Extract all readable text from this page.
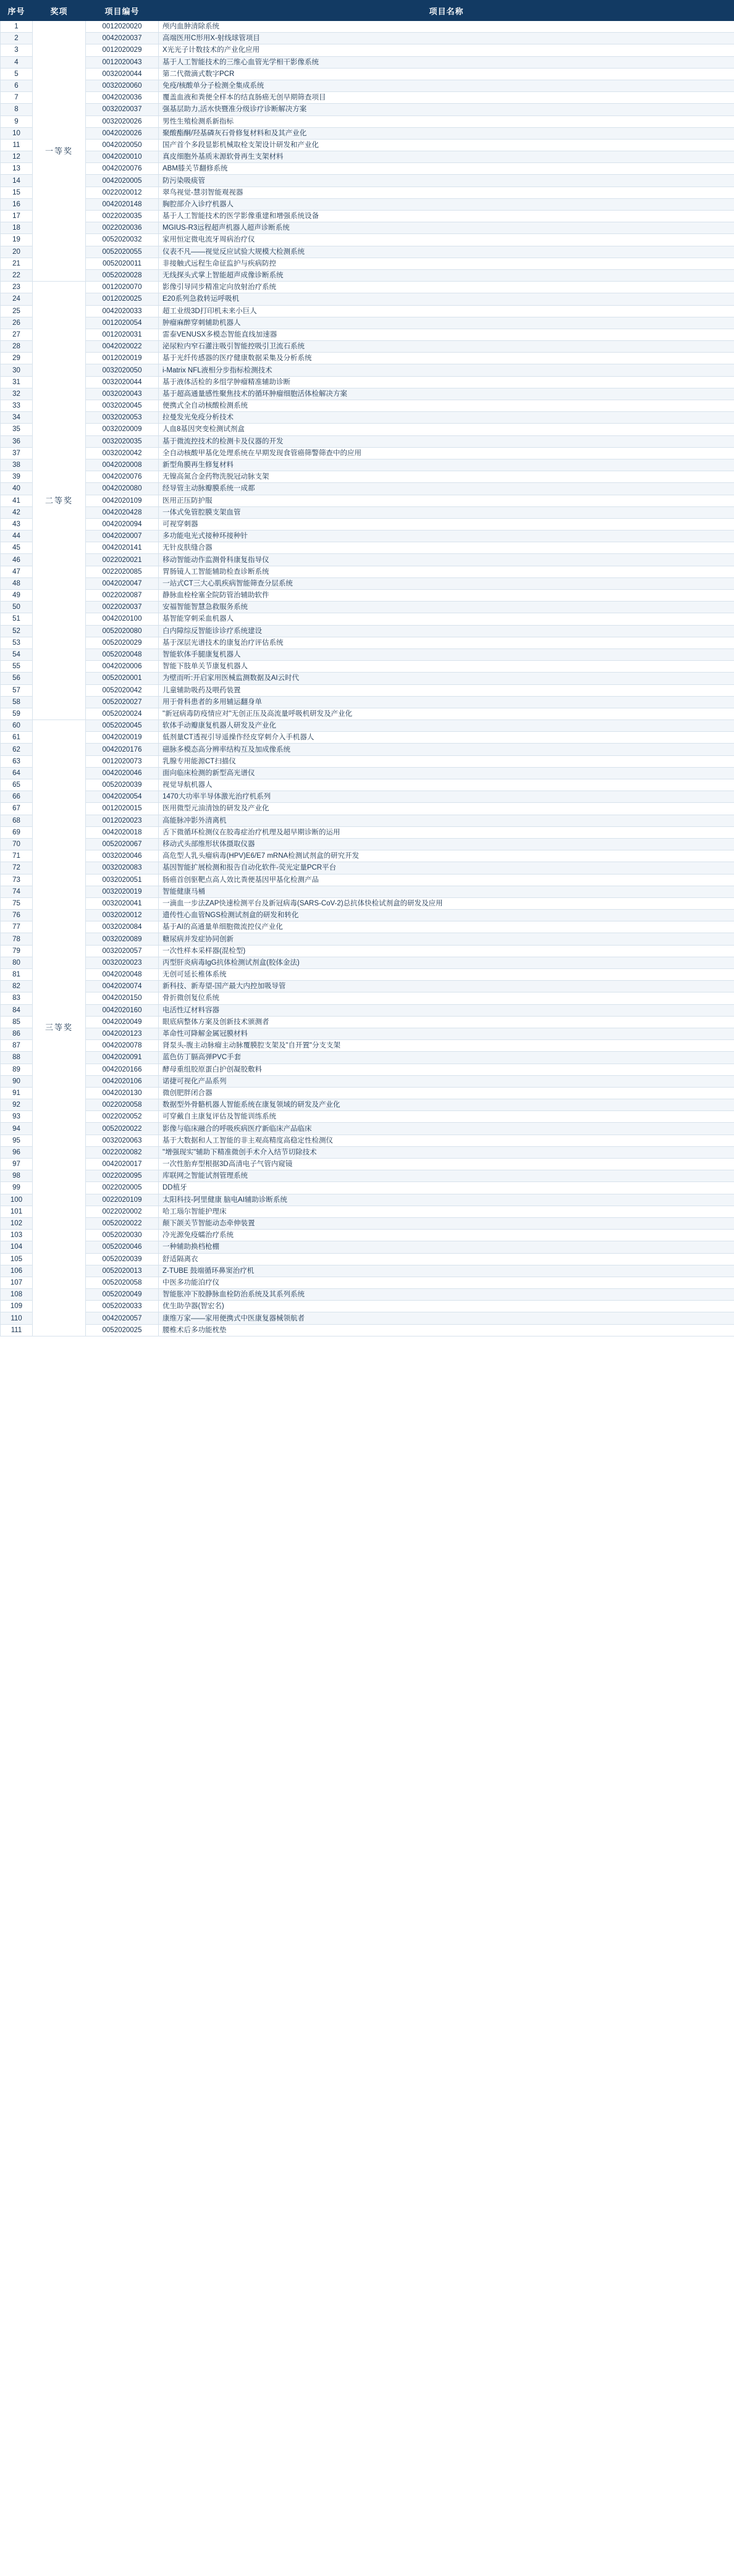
序号	奖项	项目编号	项目名称
1	一等奖	0012020020	颅内血肿清除系统
2		0042020037	高端医用C形用X-射线球管项目
3		0012020029	X光光子计数技术的产业化应用
4		0012020043	基于人工智能技术的三维心血管光学相干影像系统
5		0032020044	第二代微滴式数字PCR
6		0032020060	免疫/核酸单分子检测全集成系统
7		0042020036	覆盖血液和粪便全样本的结直肠癌无创早期筛查项目
8		0032020037	强基层助力,活水快暨准分级诊疗诊断解决方案
9		0032020026	男性生殖检测系新指标
10		0042020026	聚酸酯酮/羟基磷灰石骨修复材料和及其产业化
11		0042020050	国产首个多段显影机械取栓支架设计研发和产业化
12		0042020010	真皮细胞外基质末源软骨再生支架材料
13		0042020076	ABM膝关节翻修系统
14		0042020005	防污染吸痰管
15		0022020012	翠鸟视觉-慧羽智能观视器
16		0042020148	胸腔部介入诊疗机器人
17		0022020035	基于人工智能技术的医学影像重建和增强系统设备
18		0022020036	MGIUS-R3远程超声机器人超声诊断系统
19		0052020032	家用恒定微电流牙周病治疗仪
20		0052020055	仪表不凡——视觉反应试验大规模大检测系统
21		0052020011	非接触式远程生命征监护与疾病防控
22		0052020028	无线探头式掌上智能超声成像诊断系统
23	二等奖	0012020070	影像引导同步精准定向放射治疗系统
24		0012020025	E20系列急救转运呼吸机
25		0042020033	超工业级3D打印机未来小巨人
26		0012020054	肿瘤麻醉穿刺辅助机器人
27		0012020031	雷泰VENUSX多模态智能直线加速器
28		0042020022	泌尿粒内窄石灌注吸引智能控吸引卫流石系统
29		0012020019	基于光纤传感器的医疗健康数据采集及分析系统
30		0032020050	i-Matrix NFL液相分步指标检测技术
31		0032020044	基于液体活检的多组学肿瘤精准辅助诊断
32		0032020043	基于超高通量感性聚焦技术的循环肿瘤细胞活体检解决方案
33		0032020045	便携式全自动核酸检测系统
34		0032020053	拉曼发光免疫分析技术
35		0032020009	人血8基因突变检测试剂盒
36		0032020035	基于微流控技术的检测卡及仪器的开发
37		0032020042	全自动核酸甲基化处理系统在早期发现食管癌筛警筛查中的应用
38		0042020008	新型角膜再生修复材料
39		0042020076	无镍高氮合金药物洗脱冠动脉支架
40		0042020080	经导管主动脉瓣膜系统一成都
41		0042020109	医用正压防护服
42		0042020428	一体式免管腔膜支架血管
43		0042020094	可视穿刺器
44		0042020007	多功能电光式接种环接种针
45		0042020141	无针皮肤缝合器
46		0022020021	移动智能动作监测骨科康复指导仪
47		0022020085	胃肠镜人工智能辅助检查诊断系统
48		0042020047	一站式CT三大心肌疾病智能筛查分层系统
49		0022020087	静脉血栓栓塞全院防管治辅助软件
50		0022020037	安福智能智慧急救服务系统
51		0042020100	基智能穿刺采血机器人
52		0052020080	白内障综反智能诊诊疗系统建设
53		0052020029	基于深层光谱技术的康复治疗评估系统
54		0052020048	智能软体手腿康复机器人
55		0042020006	智能下肢单关节康复机器人
56		0052020001	为壁而听:开启家用医械监测数据及AI云时代
57		0052020042	儿童辅助吸药及喂药装置
58		0052020027	用于骨科患者的多用辅运翻身单
59		0052020024	"新冠病毒防疫情应对"无创正压及高流量呼吸机研发及产业化
60	三等奖	0052020045	软体手动瓣康复机器人研发及产业化
61		0042020019	低剂量CT透视引导遥操作经皮穿刺介入手机器人
62		0042020176	磁脉多模态高分辨率结构互及加成像系统
63		0012020073	乳腺专用能源CT扫描仪
64		0042020046	面向临床检测的新型高光谱仪
65		0052020039	视觉导航机器人
66		0042020054	1470大功率半导体激光治疗机系列
67		0012020015	医用微型元油清蚀的研发及产业化
68		0012020023	高能脉冲影外清离机
69		0042020018	舌下微循环检测仪在胶毒症治疗机理及超早期诊断的运用
70		0052020067	移动式头部维形状体摄取仪器
71		0032020046	高危型人乳头瘤病毒(HPV)E6/E7 mRNA检测试剂盒的研究开发
72		0032020083	基因智能扩展检测和报告自动化软件-荧光定量PCR平台
73		0032020051	肠癌首创驱靶点高人效比粪便基因甲基化检测产品
74		0032020019	智能健康马桶
75		0032020041	一滴血一步法ZAP快速检测平台及新冠病毒(SARS-CoV-2)总抗体快检试剂盒的研发及应用
76		0032020012	遗传性心血管NGS检测试剂盒的研发和转化
77		0032020084	基于AI的高通量单细胞微流控仪产业化
78		0032020089	糖尿病并发症协同创新
79		0032020057	一次性样本采样器(混检型)
80		0032020023	丙型肝炎病毒IgG抗体检测试剂盒(胶体金法)
81		0042020048	无创可延长椎体系统
82		0042020074	新科技、新寿望-国产最大内控加吸导管
83		0042020150	骨折微创复位系统
84		0042020160	电活性辽材料容器
85		0042020049	眼底病整体方案及创新技术颁测者
86		0042020123	革命性可降解金属冠膜材料
87		0042020078	肾泵头-腹主动脉瘤主动脉覆膜腔支架及"自开置"分支支架
88		0042020091	蓝色仿丁膈高弹PVC手套
89		0042020166	酵母重组胶原蛋白护创凝胶敷料
90		0042020106	诺捷可视化产品系列
91		0042020130	微创肥胖闭合器
92		0022020058	数据型外骨骼机器人智能系统在康复领域的研发及产业化
93		0022020052	可穿戴自主康复评估及智能训练系统
94		0052020022	影像与临床融合的呼吸疾病医疗新临床产品临床
95		0032020063	基于大数据和人工智能的非主观高精度高稳定性检测仪
96		0022020082	"增强现实"辅助下精准微创手术介入结节切除技术
97		0042020017	一次性胎弃型根据3D高清电子气管内窥镜
98		0022020095	库联网之智能试剂管理系统
99		0022020005	DD植牙
100		0022020109	太阳科技-阿里健康 脑电AI辅助诊断系统
101		0022020002	哈工瑙尔智能护理床
102		0052020022	颠下颌关节智能动态牵伸装置
103		0052020030	冷光源免疫蠕治疗系统
104		0052020046	一种辅助换档枪棚
105		0052020039	舒适隔离衣
106		0052020013	Z-TUBE 鼓端循环鼻窦治疗机
107		0052020058	中医多功能泊疗仪
108		0052020049	智能胀冲下胶静脉血栓防治系统及其系列系统
109		0052020033	优生助孕器(智宏名)
110		0042020057	康维万家——家用便携式中医康复器械领航者
111		0052020025	腰椎术后多功能枕垫
